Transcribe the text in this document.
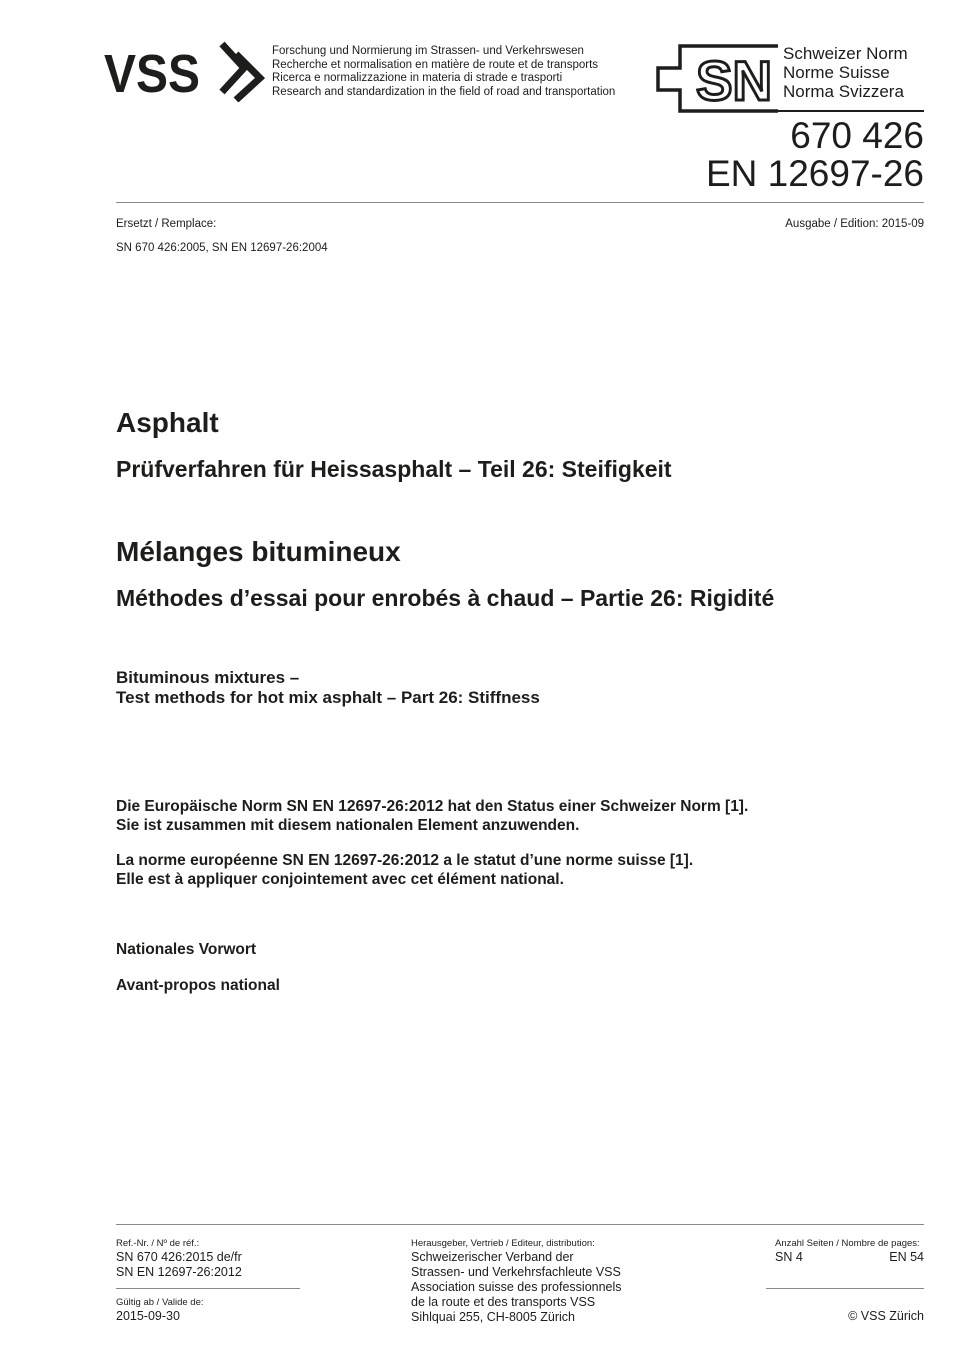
VSS	Forschung und Normierung im Strassen- und Verkehrswesen
Recherche et normalisation en matière de route et de transports
Ricerca e normalizzazione in materia di strade e trasporti
Research and standardization in the field of road and transportation	SN Schweizer Norm
Norme Suisse
Norma Svizzera
670 426
EN 12697-26
Ersetzt / Remplace:
SN 670 426:2005, SN EN 12697-26:2004
Ausgabe / Edition: 2015-09
Asphalt
Prüfverfahren für Heissasphalt – Teil 26: Steifigkeit
Mélanges bitumineux
Méthodes d’essai pour enrobés à chaud – Partie 26: Rigidité
Bituminous mixtures –
Test methods for hot mix asphalt – Part 26: Stiffness
Die Europäische Norm SN EN 12697-26:2012 hat den Status einer Schweizer Norm [1].
Sie ist zusammen mit diesem nationalen Element anzuwenden.
La norme européenne SN EN 12697-26:2012 a le statut d’une norme suisse [1].
Elle est à appliquer conjointement avec cet élément national.
Nationales Vorwort
Avant-propos national
Ref.-Nr. / Nº de réf.:
SN 670 426:2015 de/fr
SN EN 12697-26:2012
Gültig ab / Valide de:
2015-09-30
Herausgeber, Vertrieb / Editeur, distribution:
Schweizerischer Verband der
Strassen- und Verkehrsfachleute VSS
Association suisse des professionnels
de la route et des transports VSS
Sihlquai 255, CH-8005 Zürich
Anzahl Seiten / Nombre de pages:
SN 4	EN 54
© VSS Zürich
